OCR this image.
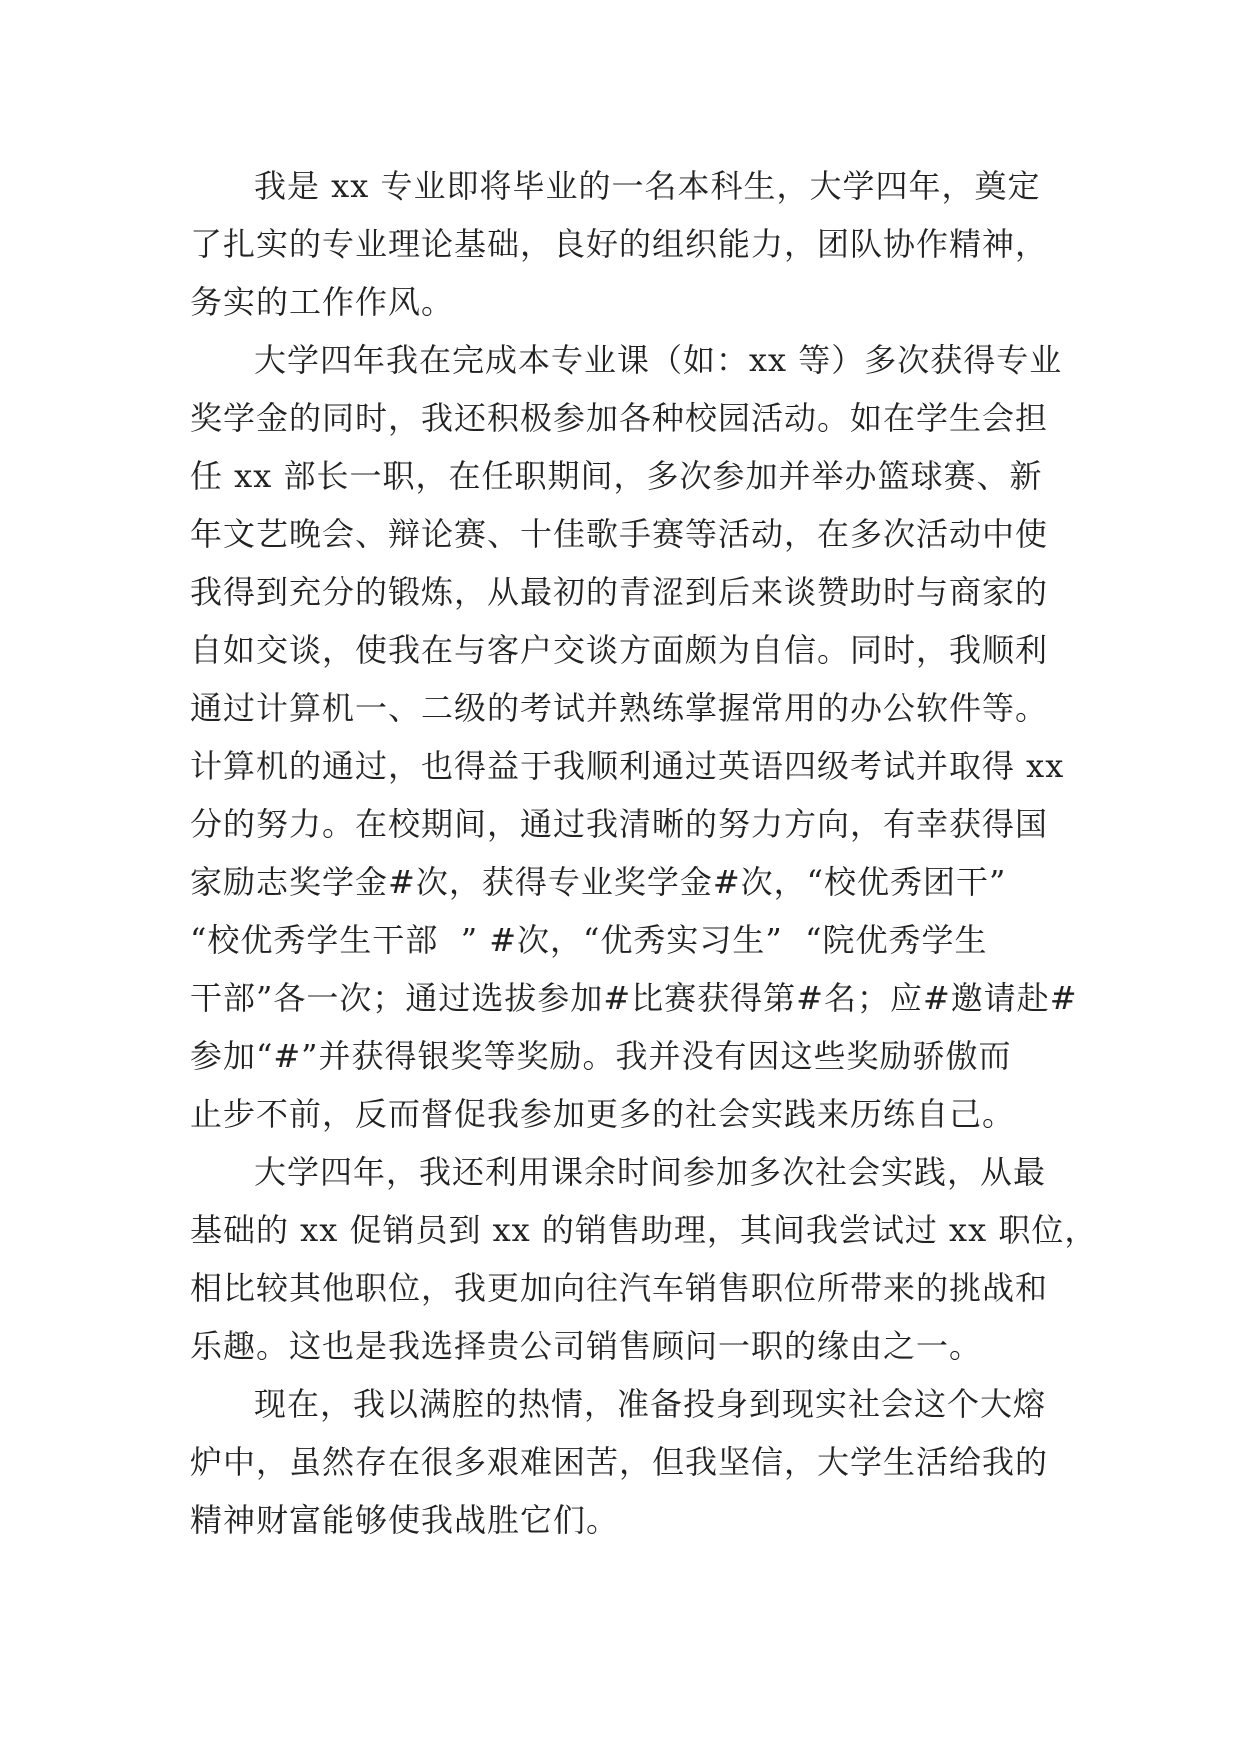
我是 xx 专业即将毕业的一名本科生，大学四年，奠定
了扎实的专业理论基础，良好的组织能力，团队协作精神，
务实的工作作风。
大学四年我在完成本专业课（如：xx 等）多次获得专业
奖学金的同时，我还积极参加各种校园活动。如在学生会担
任 xx 部长一职，在任职期间，多次参加并举办篮球赛、新
年文艺晚会、辩论赛、十佳歌手赛等活动，在多次活动中使
我得到充分的锻炼，从最初的青涩到后来谈赞助时与商家的
自如交谈，使我在与客户交谈方面颇为自信。同时，我顺利
通过计算机一、二级的考试并熟练掌握常用的办公软件等。
计算机的通过，也得益于我顺利通过英语四级考试并取得 xx
分的努力。在校期间，通过我清晰的努力方向，有幸获得国
家励志奖学金#次，获得专业奖学金#次，“校优秀团干”
“校优秀学生干部  ” #次，“优秀实习生”  “院优秀学生
干部”各一次；通过选拔参加#比赛获得第#名；应#邀请赴#
参加“#”并获得银奖等奖励。我并没有因这些奖励骄傲而
止步不前，反而督促我参加更多的社会实践来历练自己。
大学四年，我还利用课余时间参加多次社会实践，从最
基础的 xx 促销员到 xx 的销售助理，其间我尝试过 xx 职位，
相比较其他职位，我更加向往汽车销售职位所带来的挑战和
乐趣。这也是我选择贵公司销售顾问一职的缘由之一。
现在，我以满腔的热情，准备投身到现实社会这个大熔
炉中，虽然存在很多艰难困苦，但我坚信，大学生活给我的
精神财富能够使我战胜它们。
